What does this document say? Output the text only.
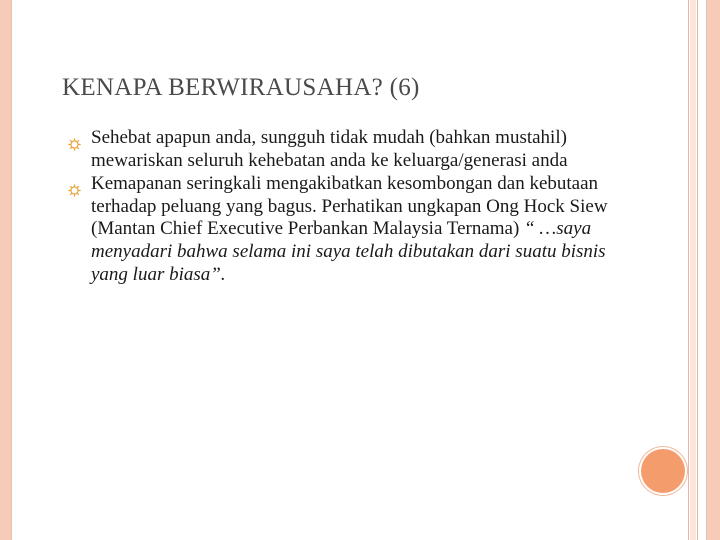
KENAPA BERWIRAUSAHA? (6)
Sehebat apapun anda, sungguh tidak mudah (bahkan mustahil) mewariskan seluruh kehebatan anda ke keluarga/generasi anda
Kemapanan seringkali mengakibatkan kesombongan dan kebutaan terhadap peluang yang bagus. Perhatikan ungkapan Ong Hock Siew (Mantan Chief Executive Perbankan Malaysia Ternama) “ …saya menyadari bahwa selama ini saya telah dibutakan dari suatu bisnis yang luar biasa”.
